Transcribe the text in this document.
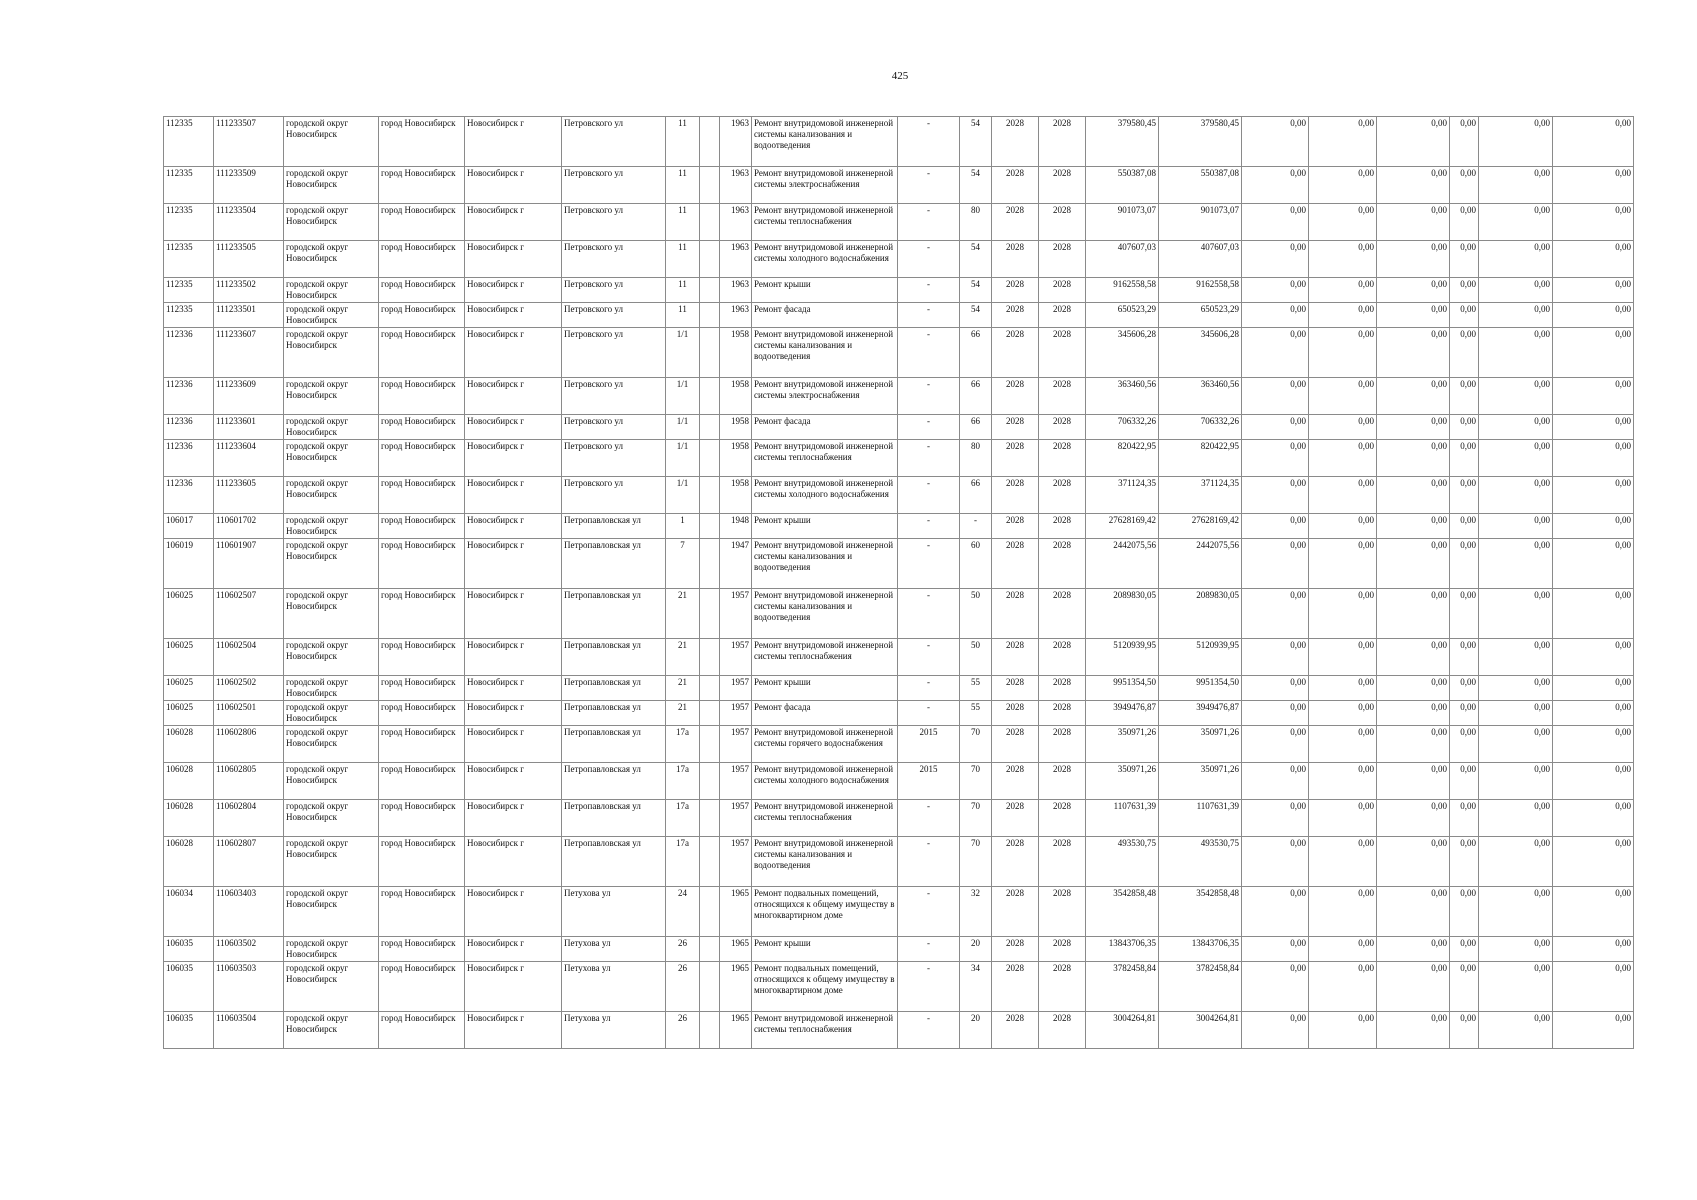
425
112335	111233507	городской округ Новосибирск	город Новосибирск	Новосибирск г	Петровского ул	11		1963	Ремонт внутридомовой инженерной системы канализования и водоотведения	-	54	2028	2028	379580,45	379580,45	0,00	0,00	0,00	0,00	0,00	0,00
112335	111233509	городской округ Новосибирск	город Новосибирск	Новосибирск г	Петровского ул	11		1963	Ремонт внутридомовой инженерной системы электроснабжения	-	54	2028	2028	550387,08	550387,08	0,00	0,00	0,00	0,00	0,00	0,00
112335	111233504	городской округ Новосибирск	город Новосибирск	Новосибирск г	Петровского ул	11		1963	Ремонт внутридомовой инженерной системы теплоснабжения	-	80	2028	2028	901073,07	901073,07	0,00	0,00	0,00	0,00	0,00	0,00
112335	111233505	городской округ Новосибирск	город Новосибирск	Новосибирск г	Петровского ул	11		1963	Ремонт внутридомовой инженерной системы холодного водоснабжения	-	54	2028	2028	407607,03	407607,03	0,00	0,00	0,00	0,00	0,00	0,00
112335	111233502	городской округ Новосибирск	город Новосибирск	Новосибирск г	Петровского ул	11		1963	Ремонт крыши	-	54	2028	2028	9162558,58	9162558,58	0,00	0,00	0,00	0,00	0,00	0,00
112335	111233501	городской округ Новосибирск	город Новосибирск	Новосибирск г	Петровского ул	11		1963	Ремонт фасада	-	54	2028	2028	650523,29	650523,29	0,00	0,00	0,00	0,00	0,00	0,00
112336	111233607	городской округ Новосибирск	город Новосибирск	Новосибирск г	Петровского ул	1/1		1958	Ремонт внутридомовой инженерной системы канализования и водоотведения	-	66	2028	2028	345606,28	345606,28	0,00	0,00	0,00	0,00	0,00	0,00
112336	111233609	городской округ Новосибирск	город Новосибирск	Новосибирск г	Петровского ул	1/1		1958	Ремонт внутридомовой инженерной системы электроснабжения	-	66	2028	2028	363460,56	363460,56	0,00	0,00	0,00	0,00	0,00	0,00
112336	111233601	городской округ Новосибирск	город Новосибирск	Новосибирск г	Петровского ул	1/1		1958	Ремонт фасада	-	66	2028	2028	706332,26	706332,26	0,00	0,00	0,00	0,00	0,00	0,00
112336	111233604	городской округ Новосибирск	город Новосибирск	Новосибирск г	Петровского ул	1/1		1958	Ремонт внутридомовой инженерной системы теплоснабжения	-	80	2028	2028	820422,95	820422,95	0,00	0,00	0,00	0,00	0,00	0,00
112336	111233605	городской округ Новосибирск	город Новосибирск	Новосибирск г	Петровского ул	1/1		1958	Ремонт внутридомовой инженерной системы холодного водоснабжения	-	66	2028	2028	371124,35	371124,35	0,00	0,00	0,00	0,00	0,00	0,00
106017	110601702	городской округ Новосибирск	город Новосибирск	Новосибирск г	Петропавловская ул	1		1948	Ремонт крыши	-	-	2028	2028	27628169,42	27628169,42	0,00	0,00	0,00	0,00	0,00	0,00
106019	110601907	городской округ Новосибирск	город Новосибирск	Новосибирск г	Петропавловская ул	7		1947	Ремонт внутридомовой инженерной системы канализования и водоотведения	-	60	2028	2028	2442075,56	2442075,56	0,00	0,00	0,00	0,00	0,00	0,00
106025	110602507	городской округ Новосибирск	город Новосибирск	Новосибирск г	Петропавловская ул	21		1957	Ремонт внутридомовой инженерной системы канализования и водоотведения	-	50	2028	2028	2089830,05	2089830,05	0,00	0,00	0,00	0,00	0,00	0,00
106025	110602504	городской округ Новосибирск	город Новосибирск	Новосибирск г	Петропавловская ул	21		1957	Ремонт внутридомовой инженерной системы теплоснабжения	-	50	2028	2028	5120939,95	5120939,95	0,00	0,00	0,00	0,00	0,00	0,00
106025	110602502	городской округ Новосибирск	город Новосибирск	Новосибирск г	Петропавловская ул	21		1957	Ремонт крыши	-	55	2028	2028	9951354,50	9951354,50	0,00	0,00	0,00	0,00	0,00	0,00
106025	110602501	городской округ Новосибирск	город Новосибирск	Новосибирск г	Петропавловская ул	21		1957	Ремонт фасада	-	55	2028	2028	3949476,87	3949476,87	0,00	0,00	0,00	0,00	0,00	0,00
106028	110602806	городской округ Новосибирск	город Новосибирск	Новосибирск г	Петропавловская ул	17а		1957	Ремонт внутридомовой инженерной системы горячего водоснабжения	2015	70	2028	2028	350971,26	350971,26	0,00	0,00	0,00	0,00	0,00	0,00
106028	110602805	городской округ Новосибирск	город Новосибирск	Новосибирск г	Петропавловская ул	17а		1957	Ремонт внутридомовой инженерной системы холодного водоснабжения	2015	70	2028	2028	350971,26	350971,26	0,00	0,00	0,00	0,00	0,00	0,00
106028	110602804	городской округ Новосибирск	город Новосибирск	Новосибирск г	Петропавловская ул	17а		1957	Ремонт внутридомовой инженерной системы теплоснабжения	-	70	2028	2028	1107631,39	1107631,39	0,00	0,00	0,00	0,00	0,00	0,00
106028	110602807	городской округ Новосибирск	город Новосибирск	Новосибирск г	Петропавловская ул	17а		1957	Ремонт внутридомовой инженерной системы канализования и водоотведения	-	70	2028	2028	493530,75	493530,75	0,00	0,00	0,00	0,00	0,00	0,00
106034	110603403	городской округ Новосибирск	город Новосибирск	Новосибирск г	Петухова ул	24		1965	Ремонт подвальных помещений, относящихся к общему имуществу в многоквартирном доме	-	32	2028	2028	3542858,48	3542858,48	0,00	0,00	0,00	0,00	0,00	0,00
106035	110603502	городской округ Новосибирск	город Новосибирск	Новосибирск г	Петухова ул	26		1965	Ремонт крыши	-	20	2028	2028	13843706,35	13843706,35	0,00	0,00	0,00	0,00	0,00	0,00
106035	110603503	городской округ Новосибирск	город Новосибирск	Новосибирск г	Петухова ул	26		1965	Ремонт подвальных помещений, относящихся к общему имуществу в многоквартирном доме	-	34	2028	2028	3782458,84	3782458,84	0,00	0,00	0,00	0,00	0,00	0,00
106035	110603504	городской округ Новосибирск	город Новосибирск	Новосибирск г	Петухова ул	26		1965	Ремонт внутридомовой инженерной системы теплоснабжения	-	20	2028	2028	3004264,81	3004264,81	0,00	0,00	0,00	0,00	0,00	0,00
